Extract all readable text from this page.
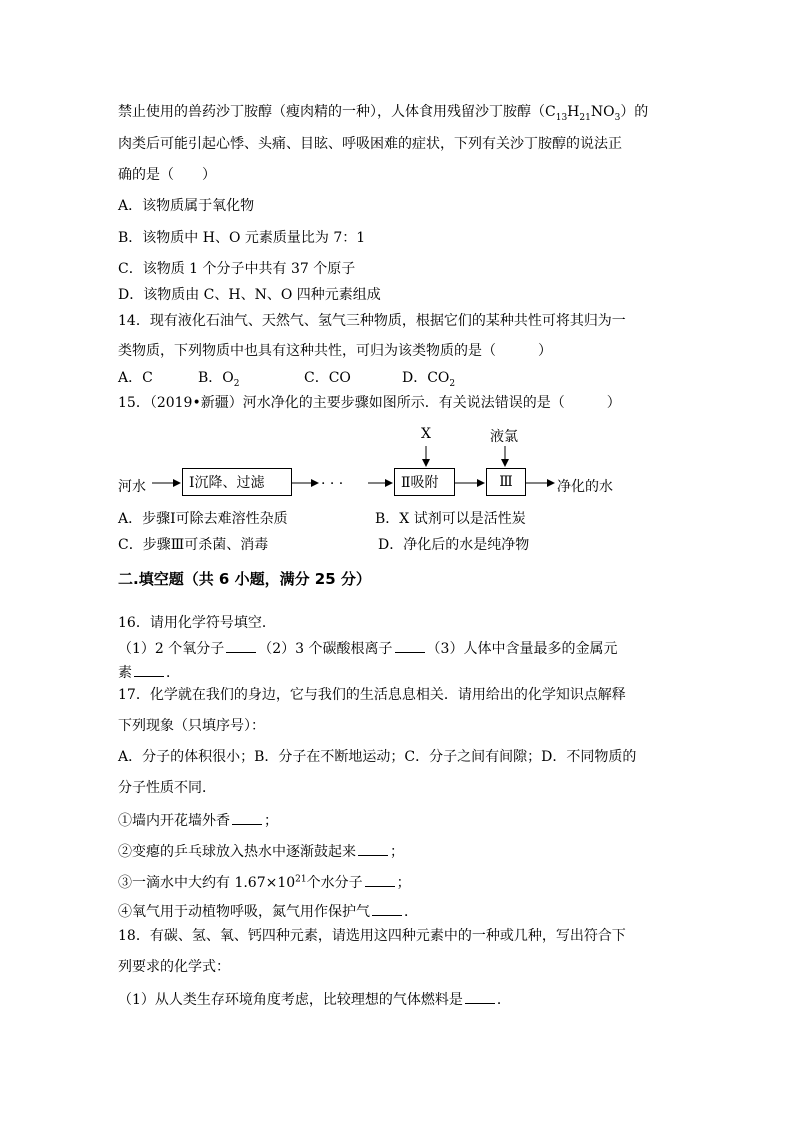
禁止使用的兽药沙丁胺醇（瘦肉精的一种），人体食用残留沙丁胺醇$(C_{13}H_{21}NO_3)$的
肉类后可能引起心悸、头痛、目眩、呼吸困难的症状，下列有关沙丁胺醇的说法正
确的是（　　）
A．该物质属于氧化物
B．该物质中 H、O 元素质量比为 7：1
C．该物质 1 个分子中共有 37 个原子
D．该物质由 C、H、N、O 四种元素组成
14．现有液化石油气、天然气、氢气三种物质，根据它们的某种共性可将其归为一
类物质，下列物质中也具有这种共性，可归为该类物质的是（　　　）
A．C	B．$O_2$	C．CO	D．$CO_2$
15．（2019•新疆）河水净化的主要步骤如图所示．有关说法错误的是（　　　）
X	液氯
河水	Ⅰ沉降、过滤	· · ·	Ⅱ吸附	Ⅲ	净化的水
A．步骤Ⅰ可除去难溶性杂质	B．X 试剂可以是活性炭
C．步骤Ⅲ可杀菌、消毒	D．净化后的水是纯净物
二.填空题（共 6 小题，满分 25 分）
16．请用化学符号填空．
（1）2 个氧分子 （2）3 个碳酸根离子 （3）人体中含量最多的金属元
素 ．
17．化学就在我们的身边，它与我们的生活息息相关．请用给出的化学知识点解释
下列现象（只填序号）：
A．分子的体积很小；B．分子在不断地运动；C．分子之间有间隙；D．不同物质的
分子性质不同．
①墙内开花墙外香 ；
②变瘪的乒乓球放入热水中逐渐鼓起来 ；
③一滴水中大约有 $1.67\times 10^{21}$个水分子 ；
④氧气用于动植物呼吸，氮气用作保护气 ．
18．有碳、氢、氧、钙四种元素，请选用这四种元素中的一种或几种，写出符合下
列要求的化学式：
（1）从人类生存环境角度考虑，比较理想的气体燃料是 ．
